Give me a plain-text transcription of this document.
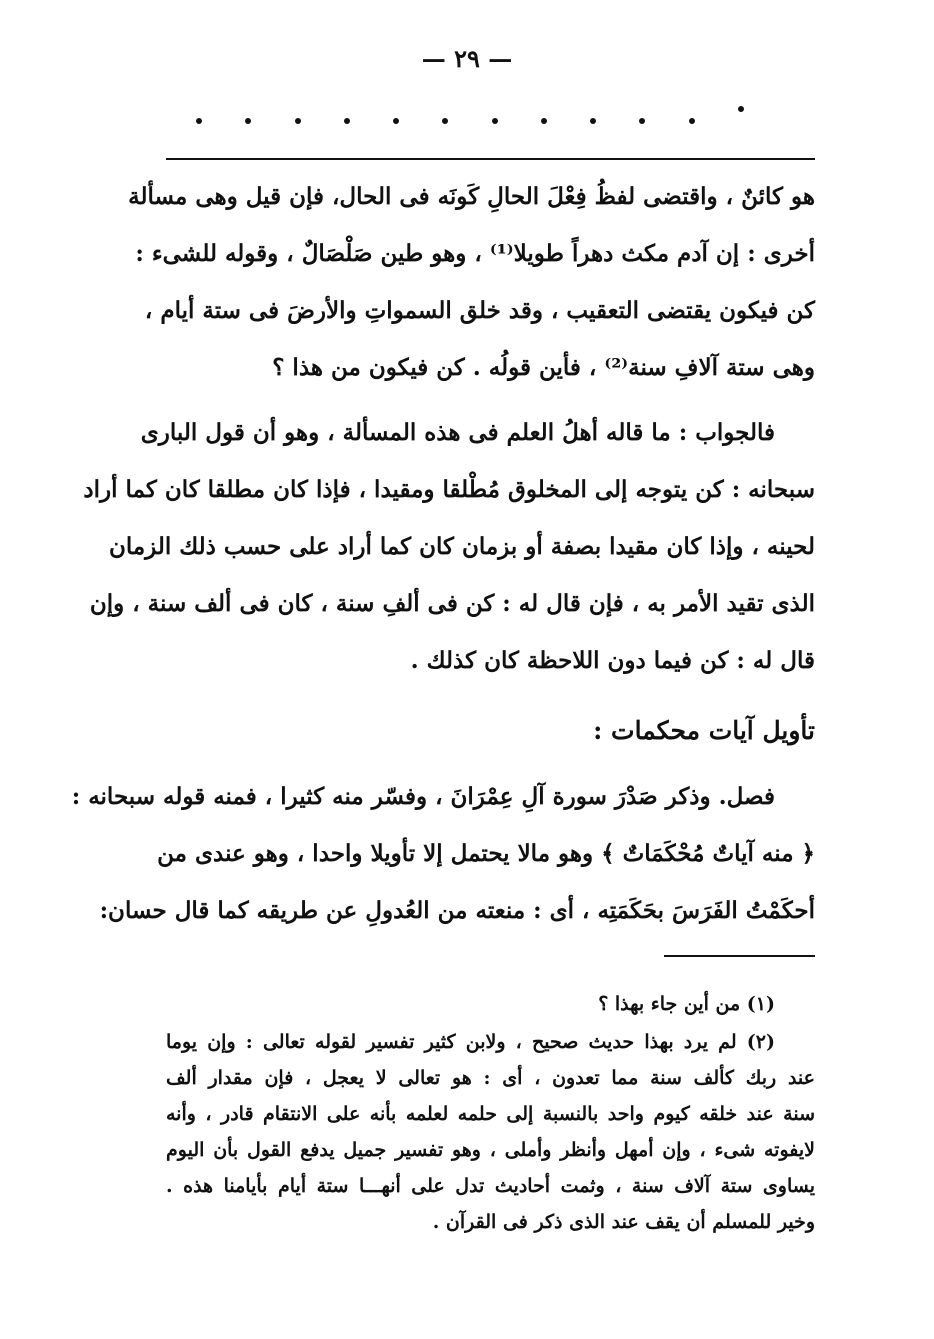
— ٢٩ —
هو كائنٌ ، واقتضى لفظُ فِعْلَ الحالِ كَونَه فى الحال، فإن قيل وهى مسألة
أخرى : إن آدم مكث دهراً طويلا⁽¹⁾ ، وهو طين صَلْصَالٌ ، وقوله للشىء :
كن فيكون يقتضى التعقيب ، وقد خلق السمواتِ والأرضَ فى ستة أيام ،
وهى ستة آلافِ سنة⁽²⁾ ، فأين قولُه . كن فيكون من هذا ؟
فالجواب : ما قاله أهلُ العلم فى هذه المسألة ، وهو أن قول البارى
سبحانه : كن يتوجه إلى المخلوق مُطْلقا ومقيدا ، فإذا كان مطلقا كان كما أراد
لحينه ، وإذا كان مقيدا بصفة أو بزمان كان كما أراد على حسب ذلك الزمان
الذى تقيد الأمر به ، فإن قال له : كن فى ألفِ سنة ، كان فى ألف سنة ، وإن
قال له : كن فيما دون اللاحظة كان كذلك .
تأويل آيات محكمات :
فصل. وذكر صَدْرَ سورة آلِ عِمْرَانَ ، وفسّر منه كثيرا ، فمنه قوله سبحانه :
﴿ منه آياتٌ مُحْكَمَاتٌ ﴾ وهو مالا يحتمل إلا تأويلا واحدا ، وهو عندى من
أحكَمْتُ الفَرَسَ بحَكَمَتِه ، أى : منعته من العُدولِ عن طريقه كما قال حسان:
(١) من أين جاء بهذا ؟
(٢) لم يرد بهذا حديث صحيح ، ولابن كثير تفسير لقوله تعالى : وإن يوما
عند ربك كألف سنة مما تعدون ، أى : هو تعالى لا يعجل ، فإن مقدار ألف
سنة عند خلقه كيوم واحد بالنسبة إلى حلمه لعلمه بأنه على الانتقام قادر ، وأنه
لايفوته شىء ، وإن أمهل وأنظر وأملى ، وهو تفسير جميل يدفع القول بأن اليوم
يساوى ستة آلاف سنة ، وثمت أحاديث تدل على أنهـــا ستة أيام بأيامنا هذه .
وخير للمسلم أن يقف عند الذى ذكر فى القرآن .
